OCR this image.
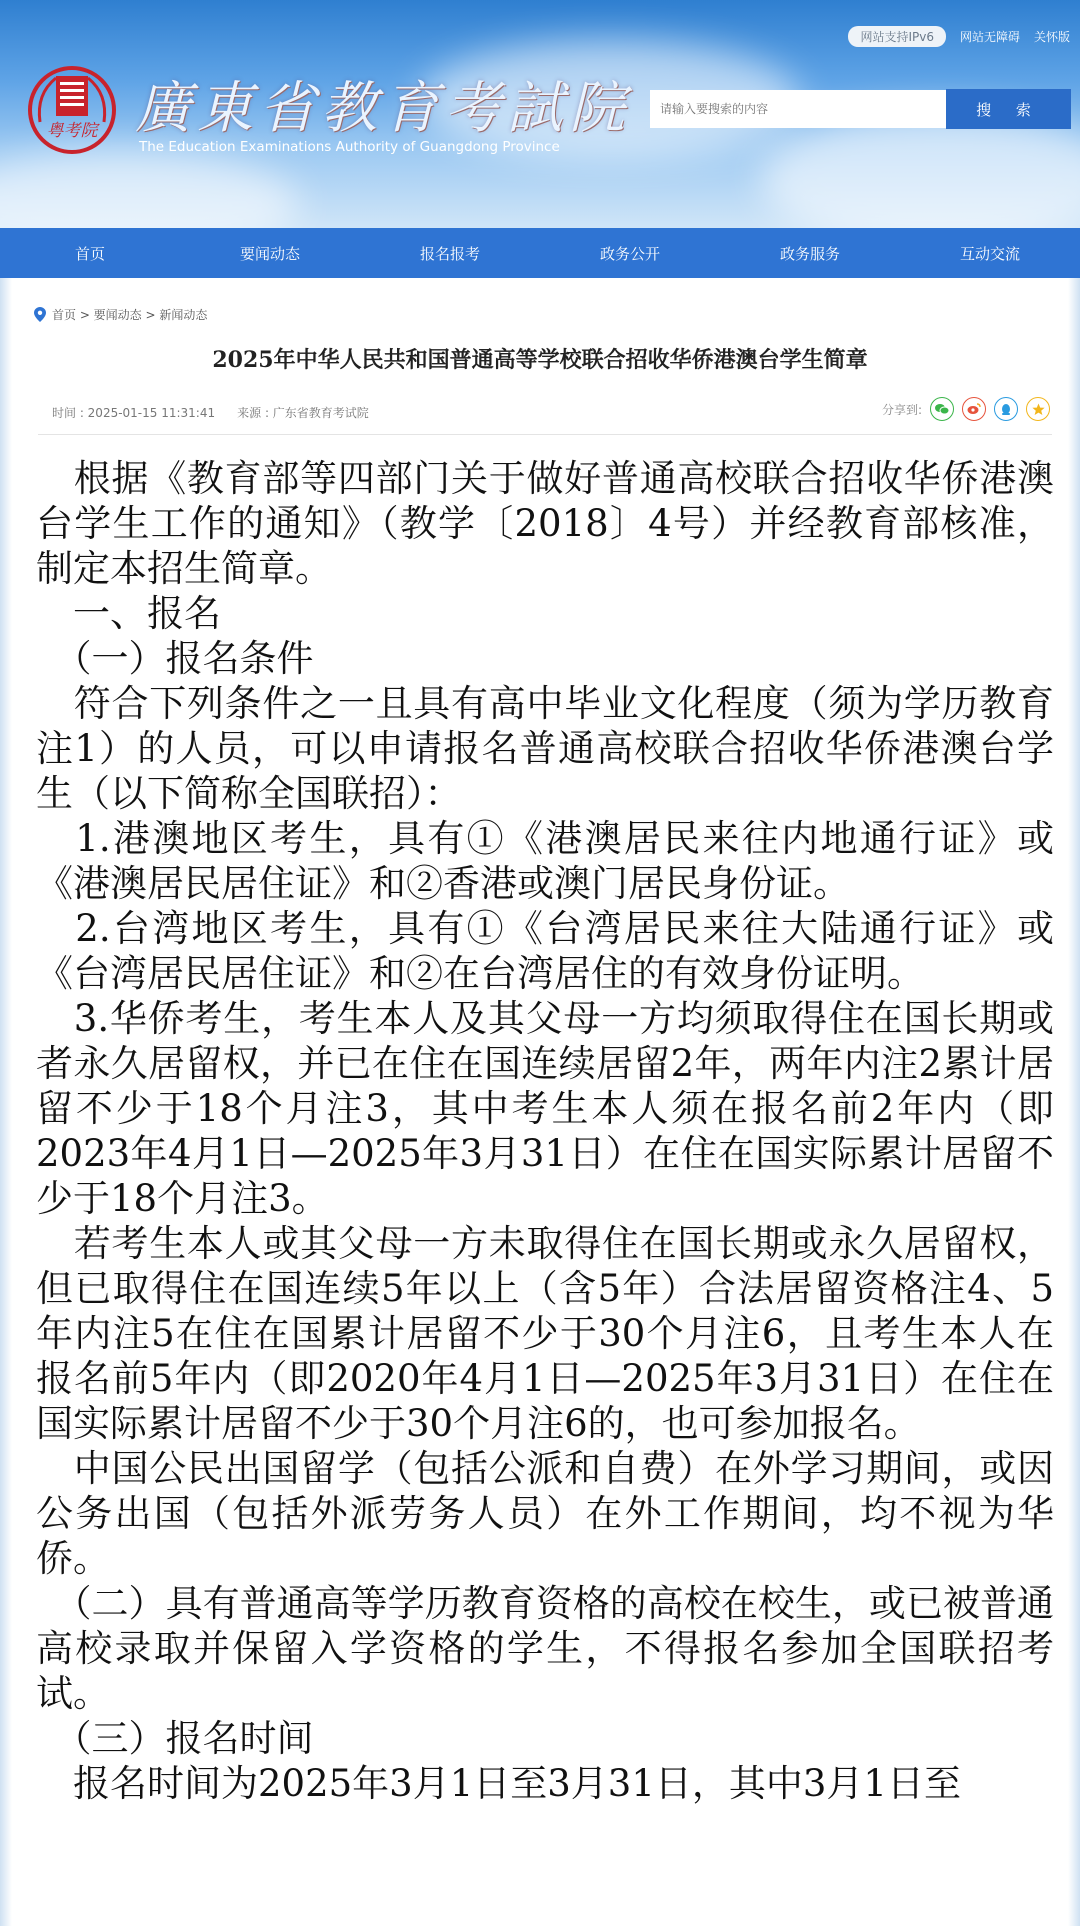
网站支持IPv6	网站无障碍 关怀版
粤考院 廣東省教育考試院
The Education Examinations Authority of Guangdong Province
请输入要搜索的内容
搜 索
首页	要闻动态	报名报考	政务公开	政务服务	互动交流
首页 > 要闻动态 > 新闻动态
2025年中华人民共和国普通高等学校联合招收华侨港澳台学生简章
时间 : 2025-01-15 11:31:41 来源 : 广东省教育考试院	分享到:

　根据《教育部等四部门关于做好普通高校联合招收华侨港澳台学生工作的通知》（教学〔2018〕4号）并经教育部核准，制定本招生简章。

　一、报名

　（一）报名条件

　符合下列条件之一且具有高中毕业文化程度（须为学历教育注1）的人员，可以申请报名普通高校联合招收华侨港澳台学生（以下简称全国联招）：

　1.港澳地区考生，具有①《港澳居民来往内地通行证》或《港澳居民居住证》和②香港或澳门居民身份证。

　2.台湾地区考生，具有①《台湾居民来往大陆通行证》或《台湾居民居住证》和②在台湾居住的有效身份证明。

　3.华侨考生，考生本人及其父母一方均须取得住在国长期或者永久居留权，并已在住在国连续居留2年，两年内注2累计居留不少于18个月注3，其中考生本人须在报名前2年内（即2023年4月1日—2025年3月31日）在住在国实际累计居留不少于18个月注3。

　若考生本人或其父母一方未取得住在国长期或永久居留权，但已取得住在国连续5年以上（含5年）合法居留资格注4、5年内注5在住在国累计居留不少于30个月注6，且考生本人在报名前5年内（即2020年4月1日—2025年3月31日）在住在国实际累计居留不少于30个月注6的，也可参加报名。

　中国公民出国留学（包括公派和自费）在外学习期间，或因公务出国（包括外派劳务人员）在外工作期间，均不视为华侨。

　（二）具有普通高等学历教育资格的高校在校生，或已被普通高校录取并保留入学资格的学生，不得报名参加全国联招考试。

　（三）报名时间

　报名时间为2025年3月1日至3月31日，其中3月1日至
